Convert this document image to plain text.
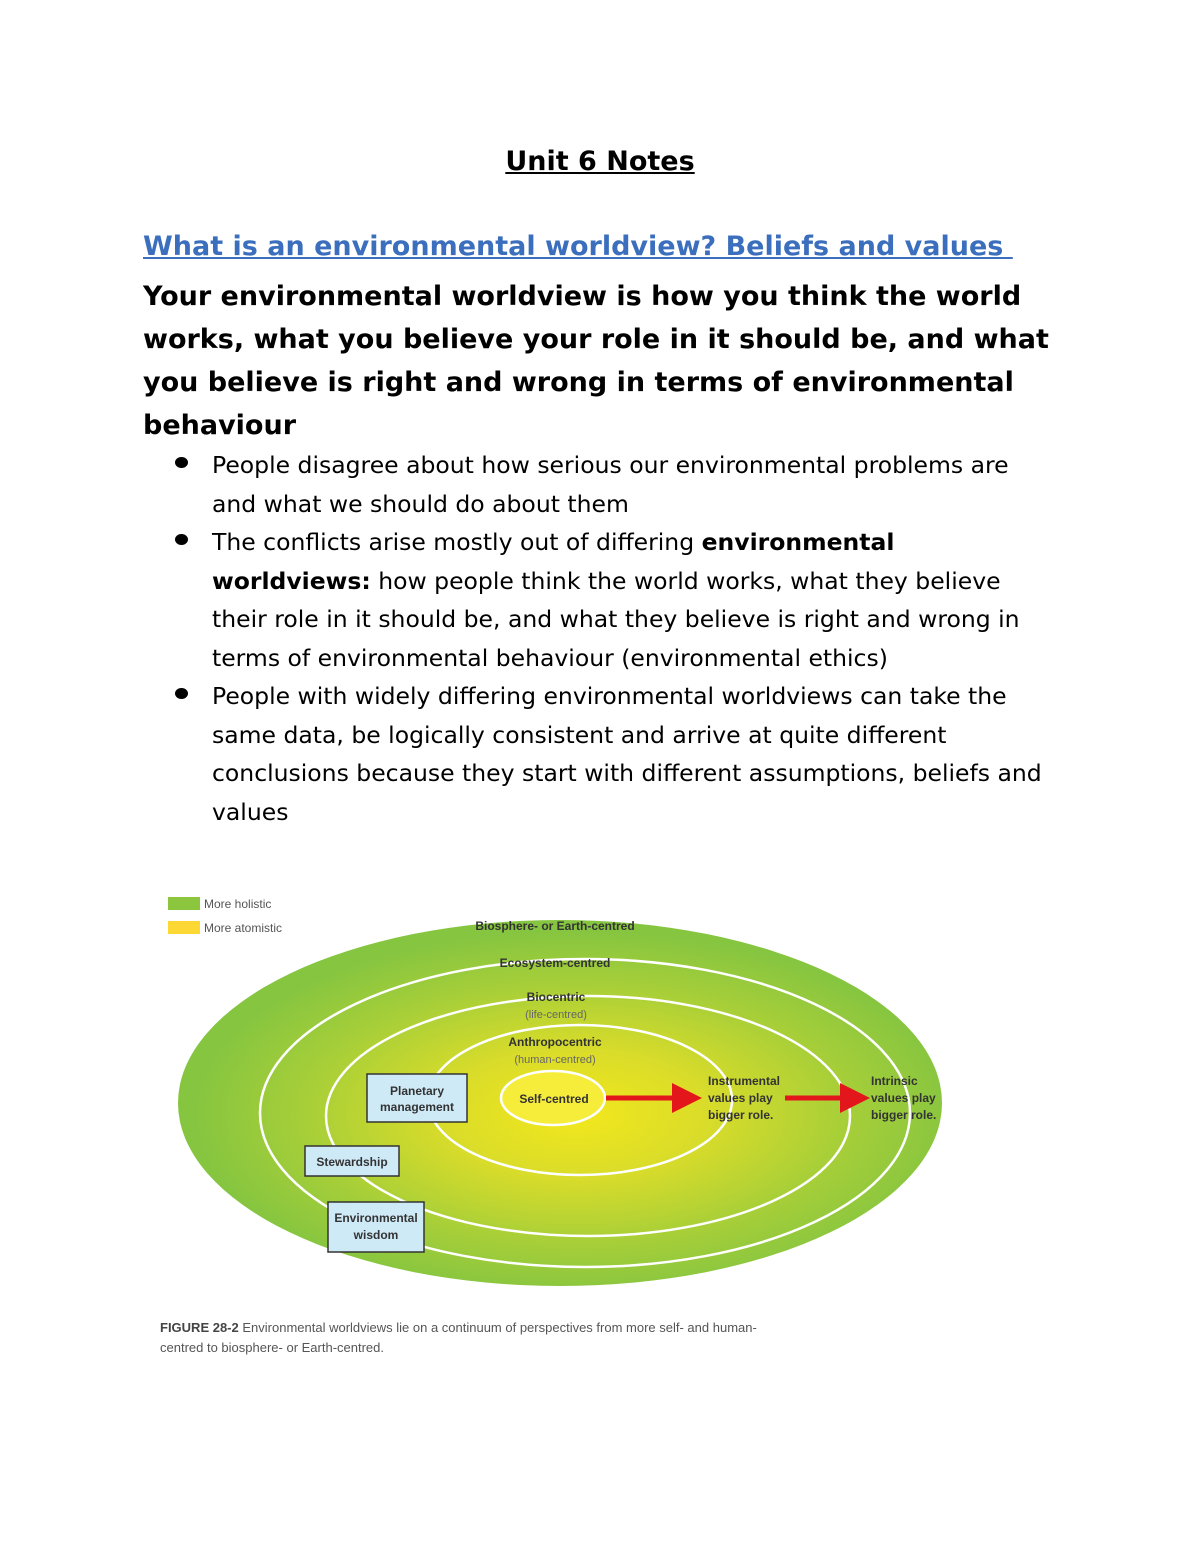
Unit 6 Notes
What is an environmental worldview? Beliefs and values
Your environmental worldview is how you think the world works, what you believe your role in it should be, and what you believe is right and wrong in terms of environmental behaviour
People disagree about how serious our environmental problems are and what we should do about them
The conflicts arise mostly out of differing environmental worldviews: how people think the world works, what they believe their role in it should be, and what they believe is right and wrong in terms of environmental behaviour (environmental ethics)
People with widely differing environmental worldviews can take the same data, be logically consistent and arrive at quite different conclusions because they start with different assumptions, beliefs and values
More holistic
More atomistic	Biosphere- or Earth-centred
Ecosystem-centred
Biocentric
(life-centred)
Anthropocentric
(human-centred)
Self-centred
Planetary
management
Stewardship
Environmental
wisdom
Instrumental
values play
bigger role.
Intrinsic
values play
bigger role.
FIGURE 28-2 Environmental worldviews lie on a continuum of perspectives from more self- and human-centred to biosphere- or Earth-centred.
